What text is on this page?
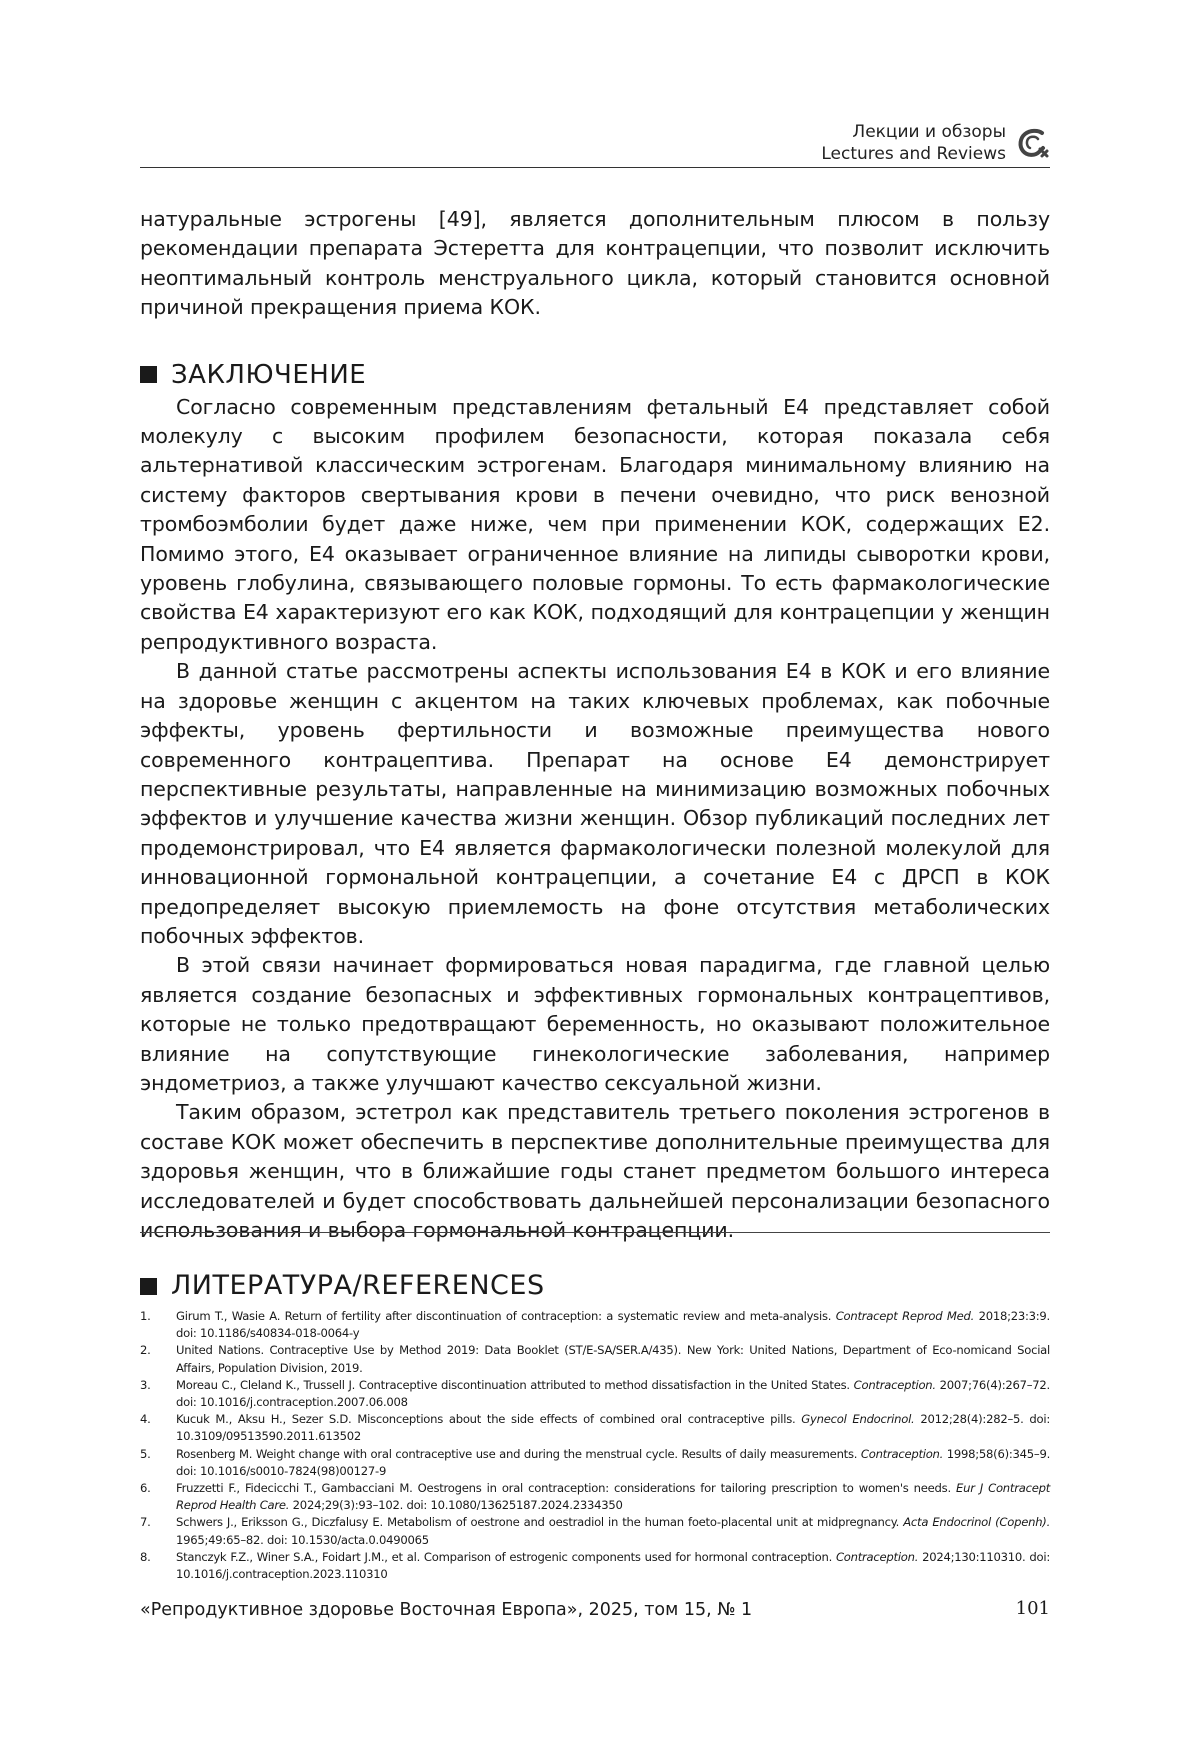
Лекции и обзоры
Lectures and Reviews

натуральные эстрогены [49], является дополнительным плюсом в пользу рекомендации препарата Эстеретта для контрацепции, что позволит исключить неоптимальный контроль менструального цикла, который становится основной причиной прекращения приема КОК.

ЗАКЛЮЧЕНИЕ

Согласно современным представлениям фетальный Е4 представляет собой молекулу с высоким профилем безопасности, которая показала себя альтернативой классическим эстрогенам. Благодаря минимальному влиянию на систему факторов свертывания крови в печени очевидно, что риск венозной тромбоэмболии будет даже ниже, чем при применении КОК, содержащих Е2. Помимо этого, Е4 оказывает ограниченное влияние на липиды сыворотки крови, уровень глобулина, связывающего половые гормоны. То есть фармакологические свойства Е4 характеризуют его как КОК, подходящий для контрацепции у женщин репродуктивного возраста.

В данной статье рассмотрены аспекты использования Е4 в КОК и его влияние на здоровье женщин с акцентом на таких ключевых проблемах, как побочные эффекты, уровень фертильности и возможные преимущества нового современного контрацептива. Препарат на основе Е4 демонстрирует перспективные результаты, направленные на минимизацию возможных побочных эффектов и улучшение качества жизни женщин. Обзор публикаций последних лет продемонстрировал, что Е4 является фармакологически полезной молекулой для инновационной гормональной контрацепции, а сочетание Е4 с ДРСП в КОК предопределяет высокую приемлемость на фоне отсутствия метаболических побочных эффектов.

В этой связи начинает формироваться новая парадигма, где главной целью является создание безопасных и эффективных гормональных контрацептивов, которые не только предотвращают беременность, но оказывают положительное влияние на сопутствующие гинекологические заболевания, например эндометриоз, а также улучшают качество сексуальной жизни.

Таким образом, эстетрол как представитель третьего поколения эстрогенов в составе КОК может обеспечить в перспективе дополнительные преимущества для здоровья женщин, что в ближайшие годы станет предметом большого интереса исследователей и будет способствовать дальнейшей персонализации безопасного использования и выбора гормональной контрацепции.

ЛИТЕРАТУРА/REFERENCES
1. Girum T., Wasie A. Return of fertility after discontinuation of contraception: a systematic review and meta-analysis. Contracept Reprod Med. 2018;23:3:9. doi: 10.1186/s40834-018-0064-y
2. United Nations. Contraceptive Use by Method 2019: Data Booklet (ST/E-SA/SER.A/435). New York: United Nations, Department of Eco-nomicand Social Affairs, Population Division, 2019.
3. Moreau C., Cleland K., Trussell J. Contraceptive discontinuation attributed to method dissatisfaction in the United States. Contraception. 2007;76(4):267–72. doi: 10.1016/j.contraception.2007.06.008
4. Kucuk M., Aksu H., Sezer S.D. Misconceptions about the side effects of combined oral contraceptive pills. Gynecol Endocrinol. 2012;28(4):282–5. doi: 10.3109/09513590.2011.613502
5. Rosenberg M. Weight change with oral contraceptive use and during the menstrual cycle. Results of daily measurements. Contraception. 1998;58(6):345–9. doi: 10.1016/s0010-7824(98)00127-9
6. Fruzzetti F., Fidecicchi T., Gambacciani M. Oestrogens in oral contraception: considerations for tailoring prescription to women's needs. Eur J Contracept Reprod Health Care. 2024;29(3):93–102. doi: 10.1080/13625187.2024.2334350
7. Schwers J., Eriksson G., Diczfalusy E. Metabolism of oestrone and oestradiol in the human foeto-placental unit at midpregnancy. Acta Endocrinol (Copenh). 1965;49:65–82. doi: 10.1530/acta.0.0490065
8. Stanczyk F.Z., Winer S.A., Foidart J.M., et al. Comparison of estrogenic components used for hormonal contraception. Contraception. 2024;130:110310. doi: 10.1016/j.contraception.2023.110310
«Репродуктивное здоровье Восточная Европа», 2025, том 15, № 1	101
